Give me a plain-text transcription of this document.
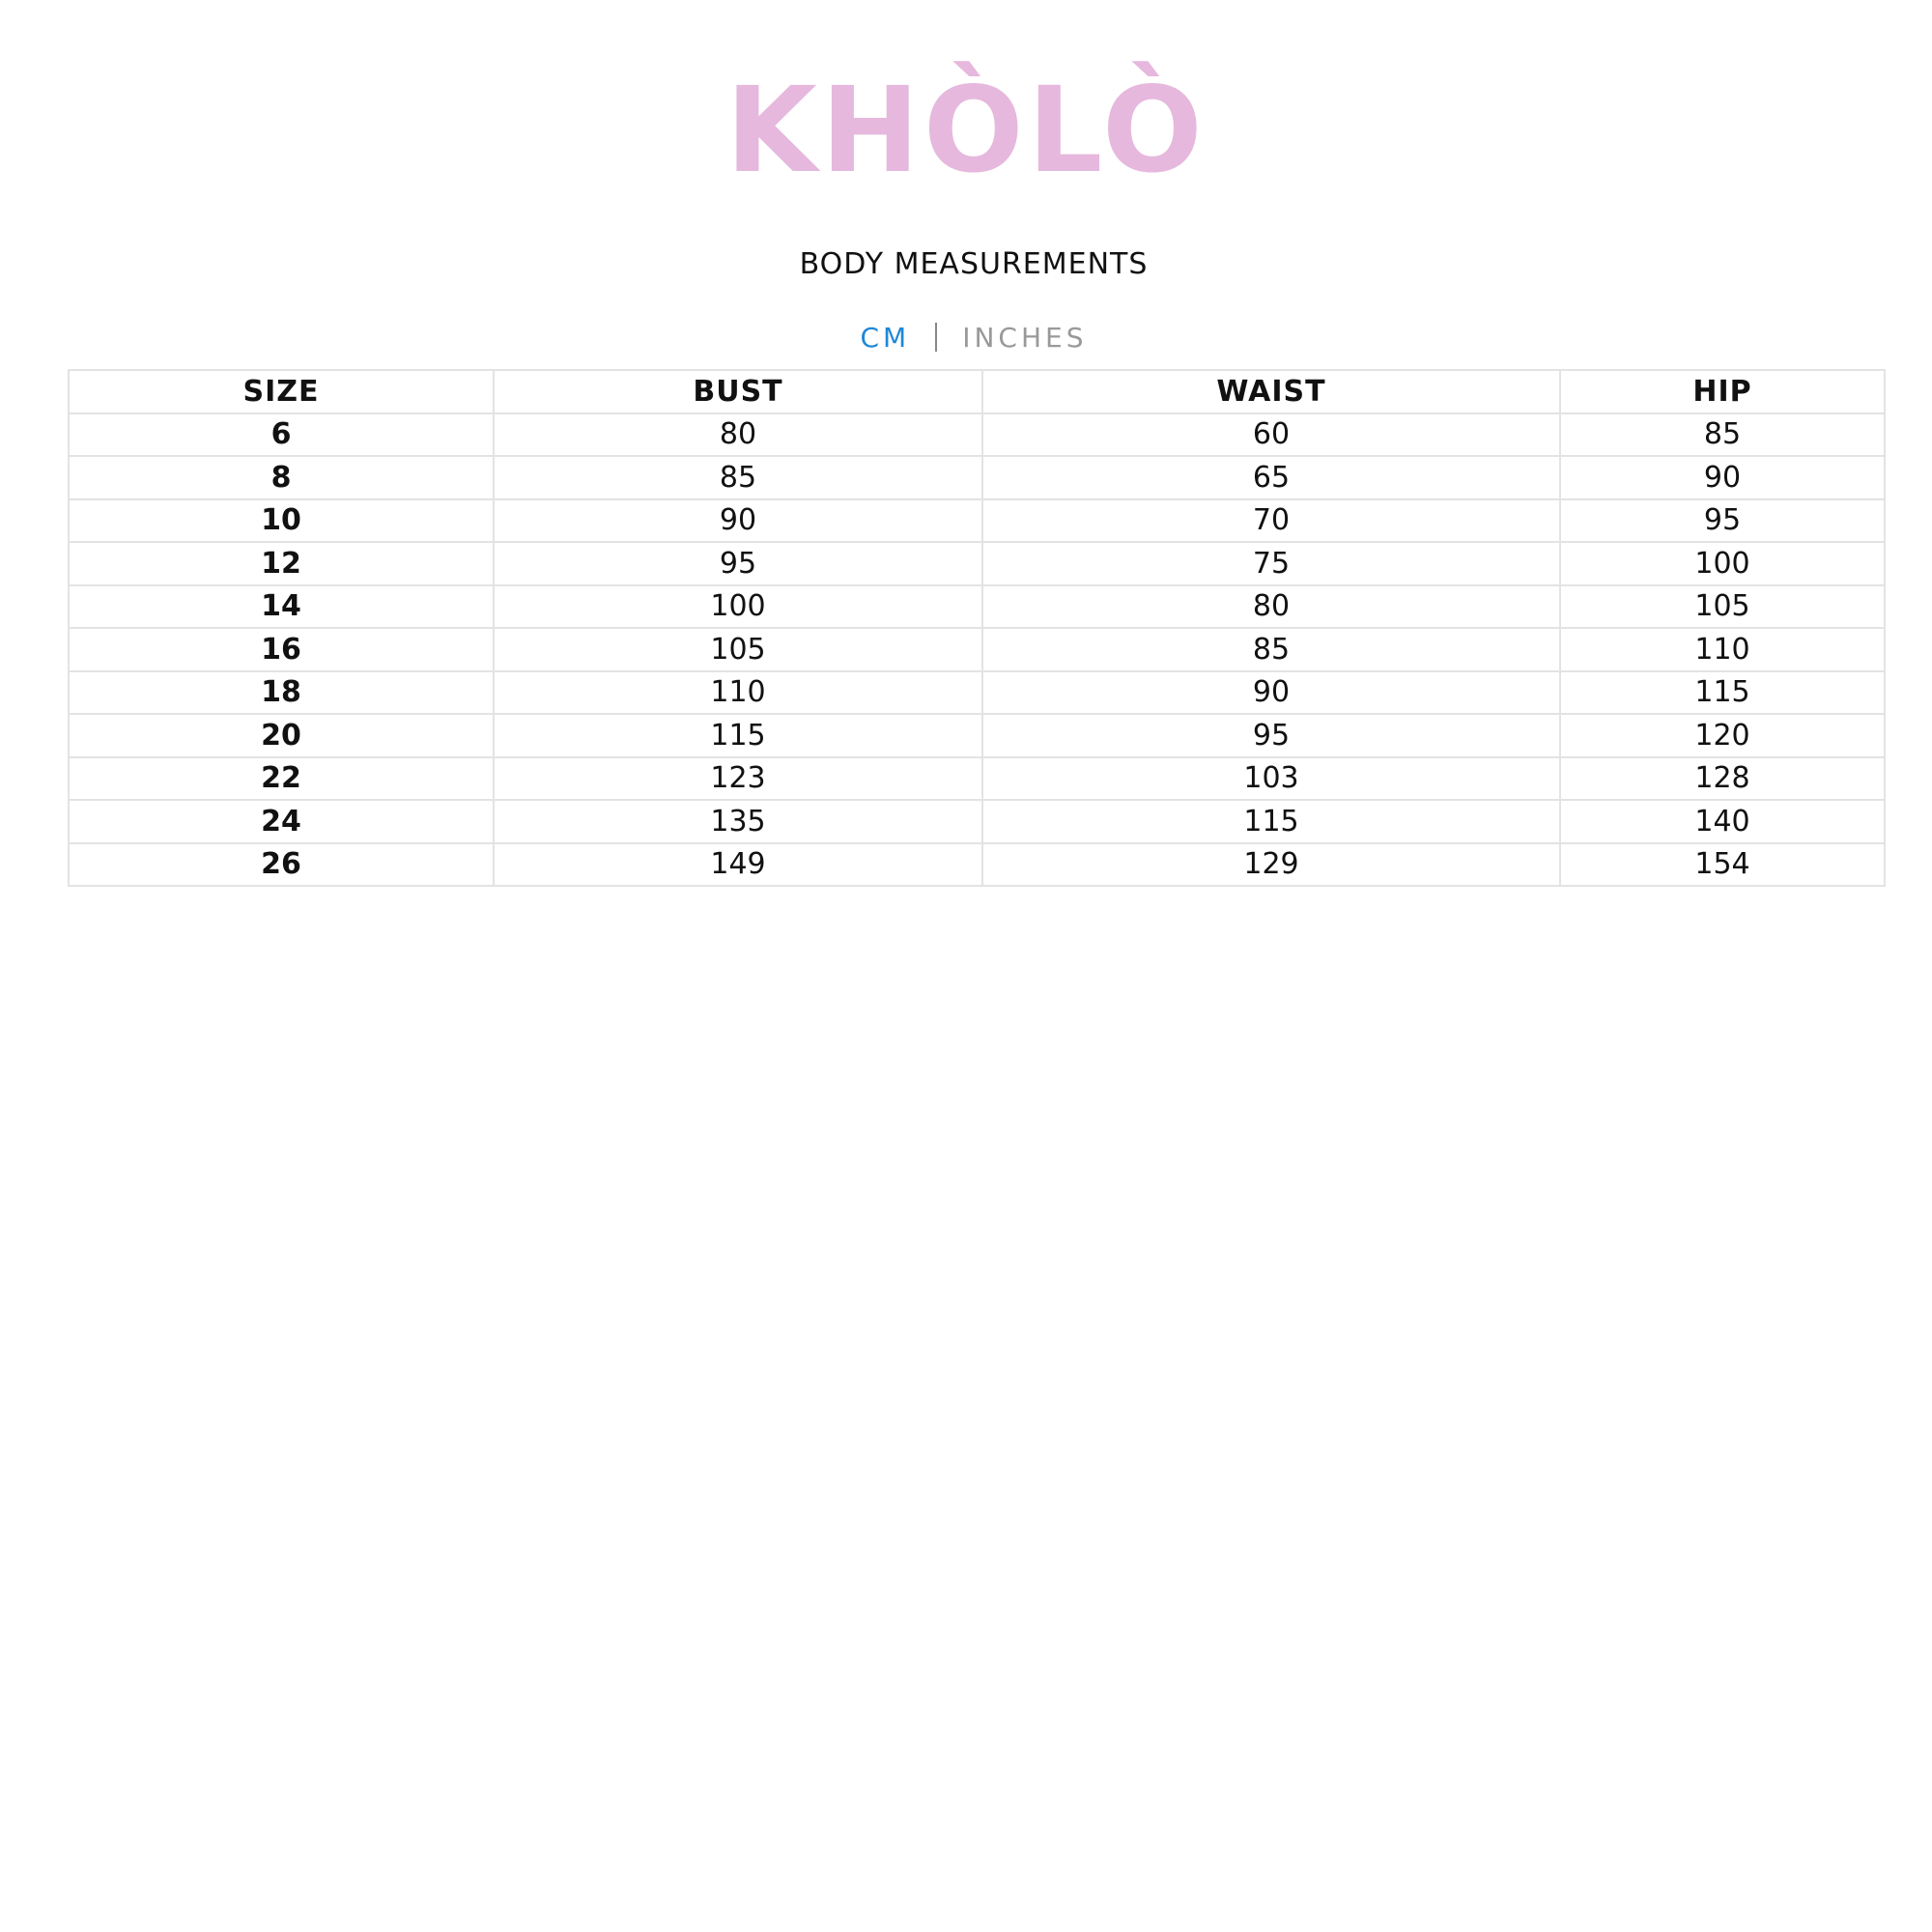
KHÒLÒ
BODY MEASUREMENTS
CM INCHES
SIZE	BUST	WAIST	HIP
6	80	60	85
8	85	65	90
10	90	70	95
12	95	75	100
14	100	80	105
16	105	85	110
18	110	90	115
20	115	95	120
22	123	103	128
24	135	115	140
26	149	129	154
